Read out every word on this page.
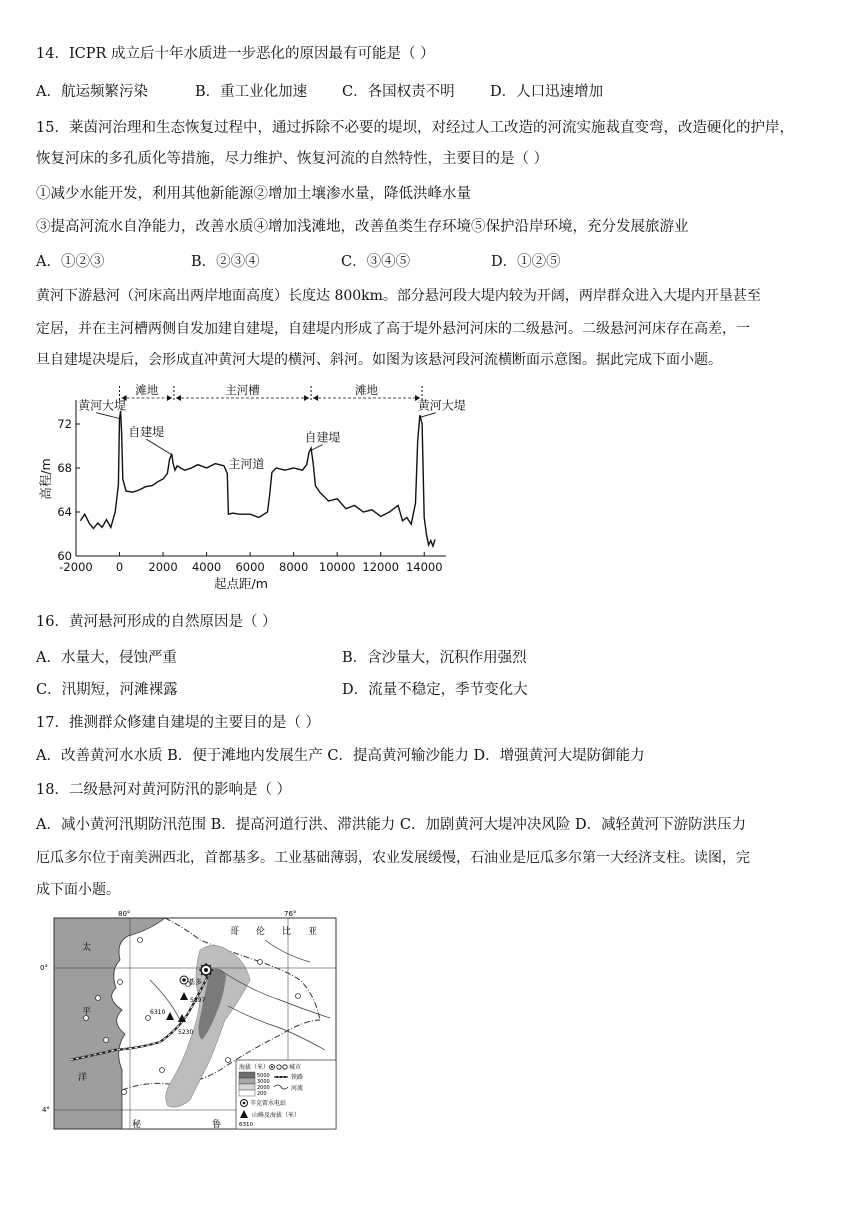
14．ICPR 成立后十年水质进一步恶化的原因最有可能是（ ）
A．航运频繁污染	B．重工业化加速 C．各国权责不明 D．人口迅速增加
15．莱茵河治理和生态恢复过程中，通过拆除不必要的堤坝，对经过人工改造的河流实施裁直变弯，改造硬化的护岸，
恢复河床的多孔质化等措施，尽力维护、恢复河流的自然特性，主要目的是（ ）
①减少水能开发，利用其他新能源②增加土壤渗水量，降低洪峰水量
③提高河流水自净能力，改善水质④增加浅滩地，改善鱼类生存环境⑤保护沿岸环境，充分发展旅游业
A．①②③	B．②③④	C．③④⑤	D．①②⑤
黄河下游悬河（河床高出两岸地面高度）长度达 800km。部分悬河段大堤内较为开阔，两岸群众进入大堤内开垦甚至
定居，并在主河槽两侧自发加建自建堤，自建堤内形成了高于堤外悬河河床的二级悬河。二级悬河河床存在高差，一
旦自建堤决堤后，会形成直冲黄河大堤的横河、斜河。如图为该悬河段河流横断面示意图。据此完成下面小题。
-2000 0 2000 4000 6000 8000 10000 12000 14000
60
64
68
72
起点距/m
高程/m
滩地	主河槽	滩地
黄河大堤
自建堤
主河道
自建堤
黄河大堤
16．黄河悬河形成的自然原因是（ ）
A．水量大，侵蚀严重	B．含沙量大，沉积作用强烈
C．汛期短，河滩裸露	D．流量不稳定，季节变化大
17．推测群众修建自建堤的主要目的是（ ）
A．改善黄河水水质 B．便于滩地内发展生产 C．提高黄河输沙能力 D．增强黄河大堤防御能力
18．二级悬河对黄河防汛的影响是（ ）
A．减小黄河汛期防汛范围 B．提高河道行洪、滞洪能力 C．加剧黄河大堤冲决风险 D．减轻黄河下游防洪压力
厄瓜多尔位于南美洲西北，首都基多。工业基础薄弱，农业发展缓慢，石油业是厄瓜多尔第一大经济支柱。读图，完
成下面小题。
基多
5897
6310
5230
80°	76°
0°
4°
太
平
洋
哥 伦 比 亚
秘	鲁
海拔（米）	城市
5000
3000
2000
200
铁路
河流
辛克雷水电站
山峰及海拔（米）
6310
